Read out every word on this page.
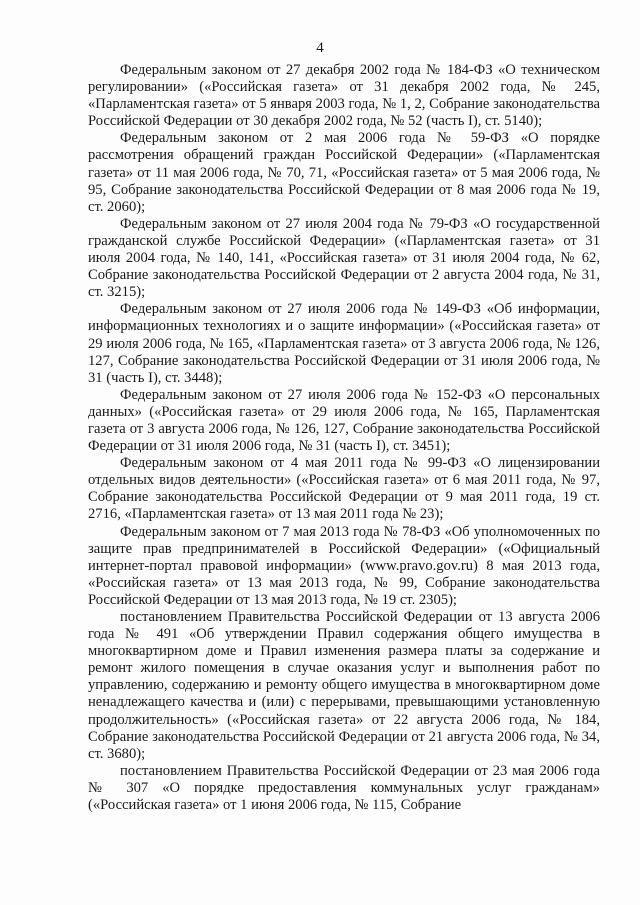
4

Федеральным законом от 27 декабря 2002 года № 184-ФЗ «О техническом регулировании» («Российская газета» от 31 декабря 2002 года, № 245, «Парламентская газета» от 5 января 2003 года, № 1, 2, Собрание законодательства Российской Федерации от 30 декабря 2002 года, № 52 (часть I), ст. 5140);

Федеральным законом от 2 мая 2006 года № 59-ФЗ «О порядке рассмотрения обращений граждан Российской Федерации» («Парламентская газета» от 11 мая 2006 года, № 70, 71, «Российская газета» от 5 мая 2006 года, № 95, Собрание законодательства Российской Федерации от 8 мая 2006 года № 19, ст. 2060);

Федеральным законом от 27 июля 2004 года № 79-ФЗ «О государственной гражданской службе Российской Федерации» («Парламентская газета» от 31 июля 2004 года, № 140, 141, «Российская газета» от 31 июля 2004 года, № 62, Собрание законодательства Российской Федерации от 2 августа 2004 года, № 31, ст. 3215);

Федеральным законом от 27 июля 2006 года № 149-ФЗ «Об информации, информационных технологиях и о защите информации» («Российская газета» от 29 июля 2006 года, № 165, «Парламентская газета» от 3 августа 2006 года, № 126, 127, Собрание законодательства Российской Федерации от 31 июля 2006 года, № 31 (часть I), ст. 3448);

Федеральным законом от 27 июля 2006 года № 152-ФЗ «О персональных данных» («Российская газета» от 29 июля 2006 года, № 165, Парламентская газета от 3 августа 2006 года, № 126, 127, Собрание законодательства Российской Федерации от 31 июля 2006 года, № 31 (часть I), ст. 3451);

Федеральным законом от 4 мая 2011 года № 99-ФЗ «О лицензировании отдельных видов деятельности» («Российская газета» от 6 мая 2011 года, № 97, Собрание законодательства Российской Федерации от 9 мая 2011 года, 19 ст. 2716, «Парламентская газета» от 13 мая 2011 года № 23);

Федеральным законом от 7 мая 2013 года № 78-ФЗ «Об уполномоченных по защите прав предпринимателей в Российской Федерации» («Официальный интернет-портал правовой информации» (www.pravo.gov.ru) 8 мая 2013 года, «Российская газета» от 13 мая 2013 года, № 99, Собрание законодательства Российской Федерации от 13 мая 2013 года, № 19 ст. 2305);

постановлением Правительства Российской Федерации от 13 августа 2006 года № 491 «Об утверждении Правил содержания общего имущества в многоквартирном доме и Правил изменения размера платы за содержание и ремонт жилого помещения в случае оказания услуг и выполнения работ по управлению, содержанию и ремонту общего имущества в многоквартирном доме ненадлежащего качества и (или) с перерывами, превышающими установленную продолжительность» («Российская газета» от 22 августа 2006 года, № 184, Собрание законодательства Российской Федерации от 21 августа 2006 года, № 34, ст. 3680);

постановлением Правительства Российской Федерации от 23 мая 2006 года № 307 «О порядке предоставления коммунальных услуг гражданам» («Российская газета» от 1 июня 2006 года, № 115, Собрание
